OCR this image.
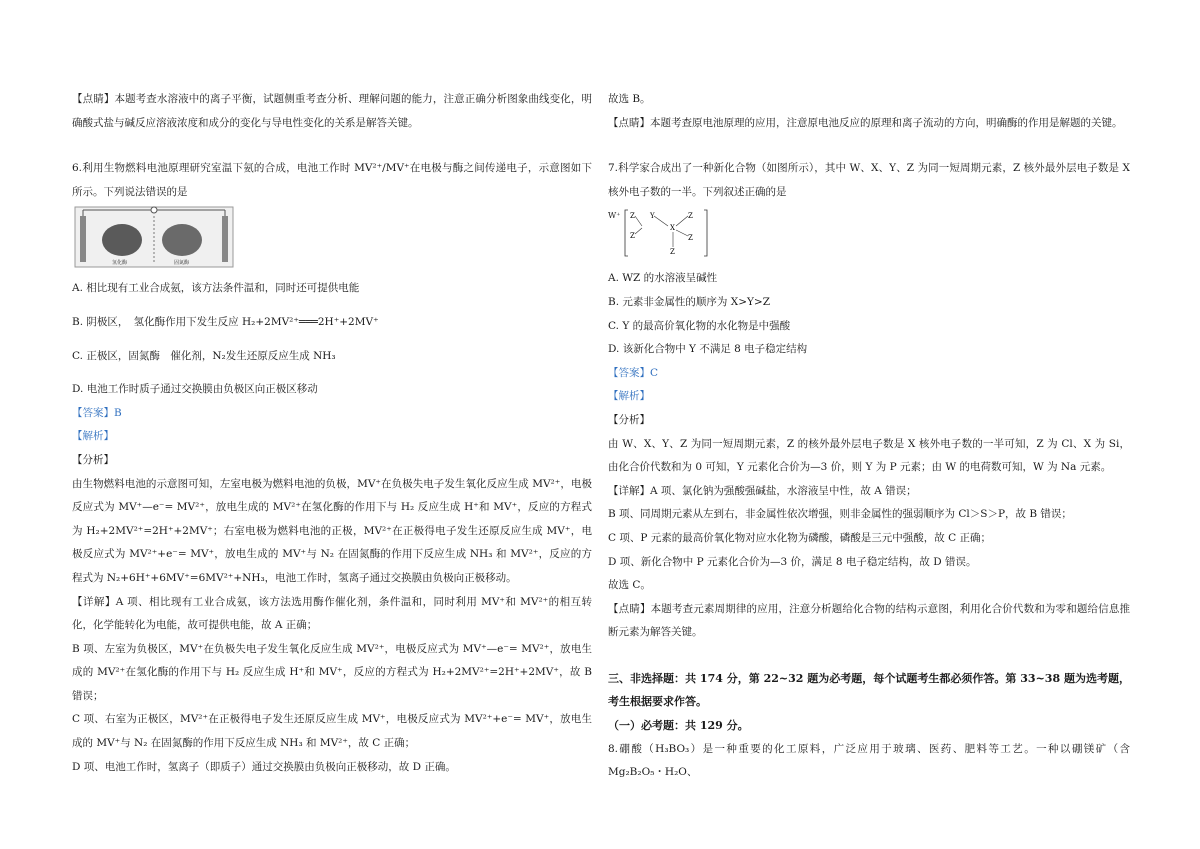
【点睛】本题考查水溶液中的离子平衡，试题侧重考查分析、理解问题的能力，注意正确分析图象曲线变化，明确酸式盐与碱反应溶液浓度和成分的变化与导电性变化的关系是解答关键。

6.利用生物燃料电池原理研究室温下氨的合成，电池工作时 MV²⁺/MV⁺在电极与酶之间传递电子，示意图如下所示。下列说法错误的是

氢化酶	固氮酶

A. 相比现有工业合成氨，该方法条件温和，同时还可提供电能

B. 阴极区，　氢化酶作用下发生反应 H₂+2MV²⁺═══2H⁺+2MV⁺

C. 正极区，固氮酶　催化剂，N₂发生还原反应生成 NH₃

D. 电池工作时质子通过交换膜由负极区向正极区移动

【答案】B

【解析】

【分析】

由生物燃料电池的示意图可知，左室电极为燃料电池的负极，MV⁺在负极失电子发生氧化反应生成 MV²⁺，电极反应式为 MV⁺—e⁻= MV²⁺，放电生成的 MV²⁺在氢化酶的作用下与 H₂ 反应生成 H⁺和 MV⁺，反应的方程式为 H₂+2MV²⁺=2H⁺+2MV⁺；右室电极为燃料电池的正极，MV²⁺在正极得电子发生还原反应生成 MV⁺，电极反应式为 MV²⁺+e⁻= MV⁺，放电生成的 MV⁺与 N₂ 在固氮酶的作用下反应生成 NH₃ 和 MV²⁺，反应的方程式为 N₂+6H⁺+6MV⁺=6MV²⁺+NH₃，电池工作时，氢离子通过交换膜由负极向正极移动。

【详解】A 项、相比现有工业合成氨，该方法选用酶作催化剂，条件温和，同时利用 MV⁺和 MV²⁺的相互转化，化学能转化为电能，故可提供电能，故 A 正确；

B 项、左室为负极区，MV⁺在负极失电子发生氧化反应生成 MV²⁺，电极反应式为 MV⁺—e⁻= MV²⁺，放电生成的 MV²⁺在氢化酶的作用下与 H₂ 反应生成 H⁺和 MV⁺，反应的方程式为 H₂+2MV²⁺=2H⁺+2MV⁺，故 B 错误；

C 项、右室为正极区，MV²⁺在正极得电子发生还原反应生成 MV⁺，电极反应式为 MV²⁺+e⁻= MV⁺，放电生成的 MV⁺与 N₂ 在固氮酶的作用下反应生成 NH₃ 和 MV²⁺，故 C 正确；

D 项、电池工作时，氢离子（即质子）通过交换膜由负极向正极移动，故 D 正确。

故选 B。

【点睛】本题考查原电池原理的应用，注意原电池反应的原理和离子流动的方向，明确酶的作用是解题的关键。

7.科学家合成出了一种新化合物（如图所示），其中 W、X、Y、Z 为同一短周期元素，Z 核外最外层电子数是 X 核外电子数的一半。下列叙述正确的是

W⁺ Z
Z
Y
X
Z
Z
Z

A. WZ 的水溶液呈碱性

B. 元素非金属性的顺序为 X>Y>Z

C. Y 的最高价氧化物的水化物是中强酸

D. 该新化合物中 Y 不满足 8 电子稳定结构

【答案】C

【解析】

【分析】

由 W、X、Y、Z 为同一短周期元素，Z 的核外最外层电子数是 X 核外电子数的一半可知，Z 为 Cl、X 为 Si，由化合价代数和为 0 可知，Y 元素化合价为—3 价，则 Y 为 P 元素；由 W 的电荷数可知，W 为 Na 元素。

【详解】A 项、氯化钠为强酸强碱盐，水溶液呈中性，故 A 错误；

B 项、同周期元素从左到右，非金属性依次增强，则非金属性的强弱顺序为 Cl＞S＞P，故 B 错误；

C 项、P 元素的最高价氧化物对应水化物为磷酸，磷酸是三元中强酸，故 C 正确；

D 项、新化合物中 P 元素化合价为—3 价，满足 8 电子稳定结构，故 D 错误。

故选 C。

【点睛】本题考查元素周期律的应用，注意分析题给化合物的结构示意图，利用化合价代数和为零和题给信息推断元素为解答关键。

三、非选择题：共 174 分，第 22~32 题为必考题，每个试题考生都必须作答。第 33~38 题为选考题，考生根据要求作答。

（一）必考题：共 129 分。

8.硼酸（H₃BO₃）是一种重要的化工原料，广泛应用于玻璃、医药、肥料等工艺。一种以硼镁矿（含 Mg₂B₂O₅・H₂O、
